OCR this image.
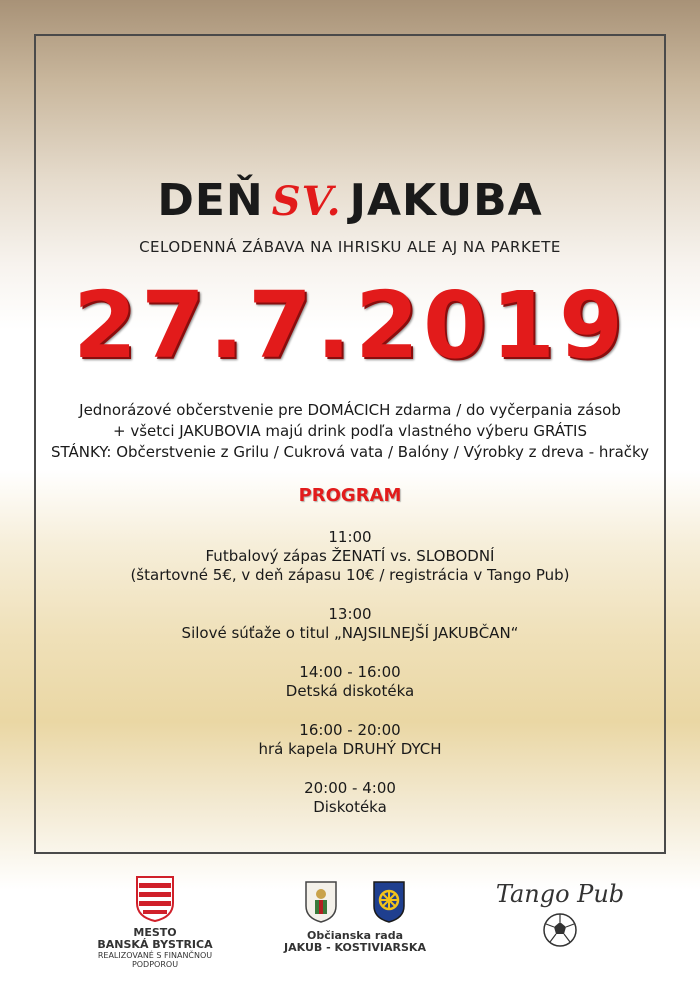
DEŇ SV. JAKUBA
CELODENNÁ ZÁBAVA NA IHRISKU ALE AJ NA PARKETE
27.7.2019
Jednorázové občerstvenie pre DOMÁCICH zdarma / do vyčerpania zásob
+ všetci JAKUBOVIA majú drink podľa vlastného výberu GRÁTIS
STÁNKY: Občerstvenie z Grilu / Cukrová vata / Balóny / Výrobky z dreva - hračky
PROGRAM
11:00
Futbalový zápas ŽENATÍ vs. SLOBODNÍ
(štartovné 5€, v deň zápasu 10€ / registrácia v Tango Pub)
13:00
Silové súťaže o titul „NAJSILNEJŠÍ JAKUBČAN“
14:00 - 16:00
Detská diskotéka
16:00 - 20:00
hrá kapela DRUHÝ DYCH
20:00 - 4:00
Diskotéka
MESTO
BANSKÁ BYSTRICA
REALIZOVANÉ S FINANČNOU
PODPOROU
Občianska rada
JAKUB - KOSTIVIARSKA
Tango Pub
